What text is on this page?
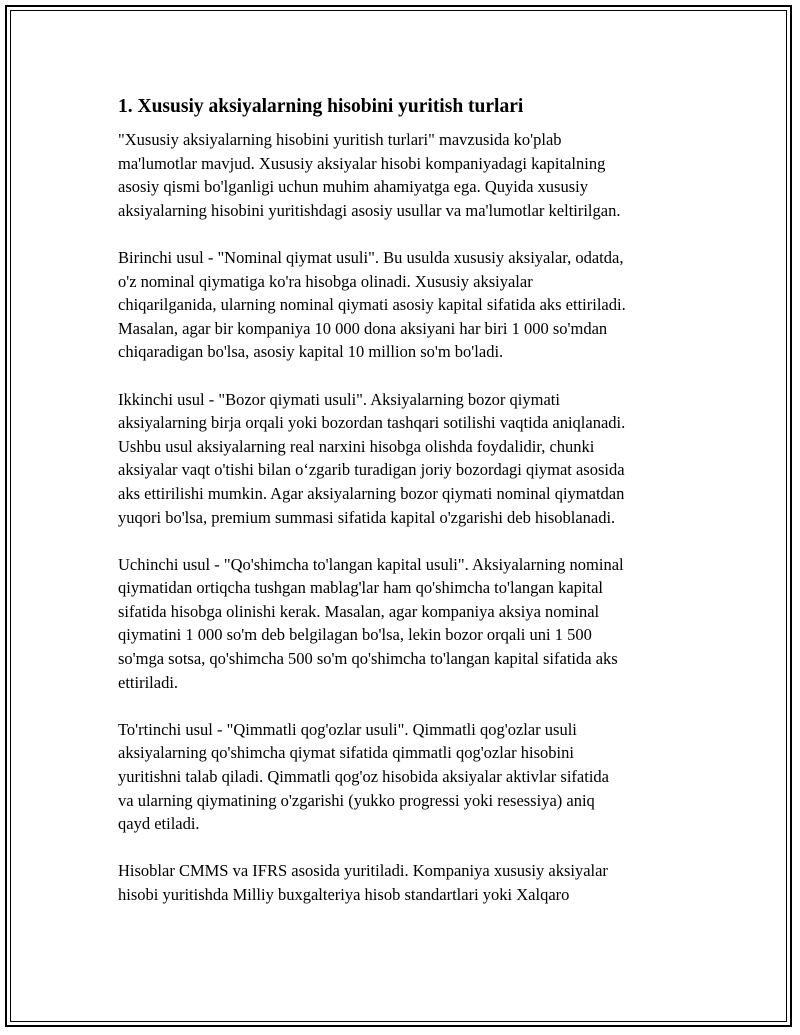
1. Xususiy aksiyalarning hisobini yuritish turlari

"Xususiy aksiyalarning hisobini yuritish turlari" mavzusida ko'plab
ma'lumotlar mavjud. Xususiy aksiyalar hisobi kompaniyadagi kapitalning
asosiy qismi bo'lganligi uchun muhim ahamiyatga ega. Quyida xususiy
aksiyalarning hisobini yuritishdagi asosiy usullar va ma'lumotlar keltirilgan.

Birinchi usul - "Nominal qiymat usuli". Bu usulda xususiy aksiyalar, odatda,
o'z nominal qiymatiga ko'ra hisobga olinadi. Xususiy aksiyalar
chiqarilganida, ularning nominal qiymati asosiy kapital sifatida aks ettiriladi.
Masalan, agar bir kompaniya 10 000 dona aksiyani har biri 1 000 so'mdan
chiqaradigan bo'lsa, asosiy kapital 10 million so'm bo'ladi.

Ikkinchi usul - "Bozor qiymati usuli". Aksiyalarning bozor qiymati
aksiyalarning birja orqali yoki bozordan tashqari sotilishi vaqtida aniqlanadi.
Ushbu usul aksiyalarning real narxini hisobga olishda foydalidir, chunki
aksiyalar vaqt o'tishi bilan o‘zgarib turadigan joriy bozordagi qiymat asosida
aks ettirilishi mumkin. Agar aksiyalarning bozor qiymati nominal qiymatdan
yuqori bo'lsa, premium summasi sifatida kapital o'zgarishi deb hisoblanadi.

Uchinchi usul - "Qo'shimcha to'langan kapital usuli". Aksiyalarning nominal
qiymatidan ortiqcha tushgan mablag'lar ham qo'shimcha to'langan kapital
sifatida hisobga olinishi kerak. Masalan, agar kompaniya aksiya nominal
qiymatini 1 000 so'm deb belgilagan bo'lsa, lekin bozor orqali uni 1 500
so'mga sotsa, qo'shimcha 500 so'm qo'shimcha to'langan kapital sifatida aks
ettiriladi.

To'rtinchi usul - "Qimmatli qog'ozlar usuli". Qimmatli qog'ozlar usuli
aksiyalarning qo'shimcha qiymat sifatida qimmatli qog'ozlar hisobini
yuritishni talab qiladi. Qimmatli qog'oz hisobida aksiyalar aktivlar sifatida
va ularning qiymatining o'zgarishi (yukko progressi yoki resessiya) aniq
qayd etiladi.

Hisoblar CMMS va IFRS asosida yuritiladi. Kompaniya xususiy aksiyalar
hisobi yuritishda Milliy buxgalteriya hisob standartlari yoki Xalqaro
